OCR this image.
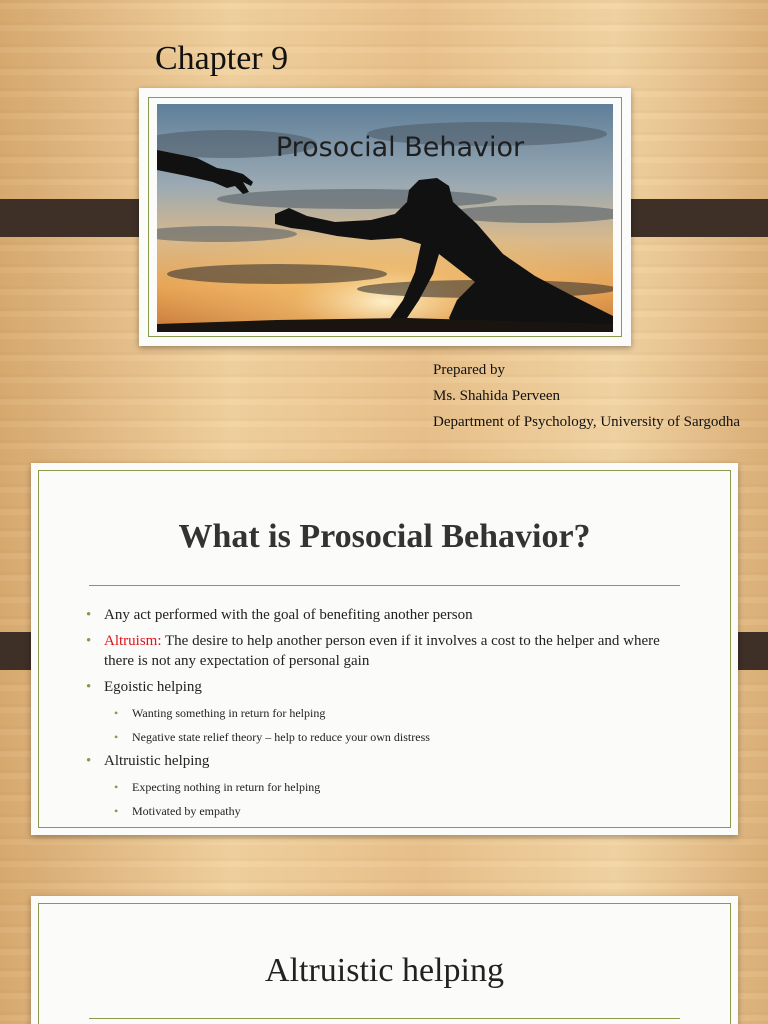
Chapter 9
Prosocial Behavior
Prepared by
Ms. Shahida Perveen
Department of Psychology, University of Sargodha
What is Prosocial Behavior?
• Any act performed with the goal of benefiting another person
• Altruism: The desire to help another person even if it involves a cost to the helper and where there is not any expectation of personal gain
• Egoistic helping
• Wanting something in return for helping
• Negative state relief theory – help to reduce your own distress
• Altruistic helping
• Expecting nothing in return for helping
• Motivated by empathy
Altruistic helping
